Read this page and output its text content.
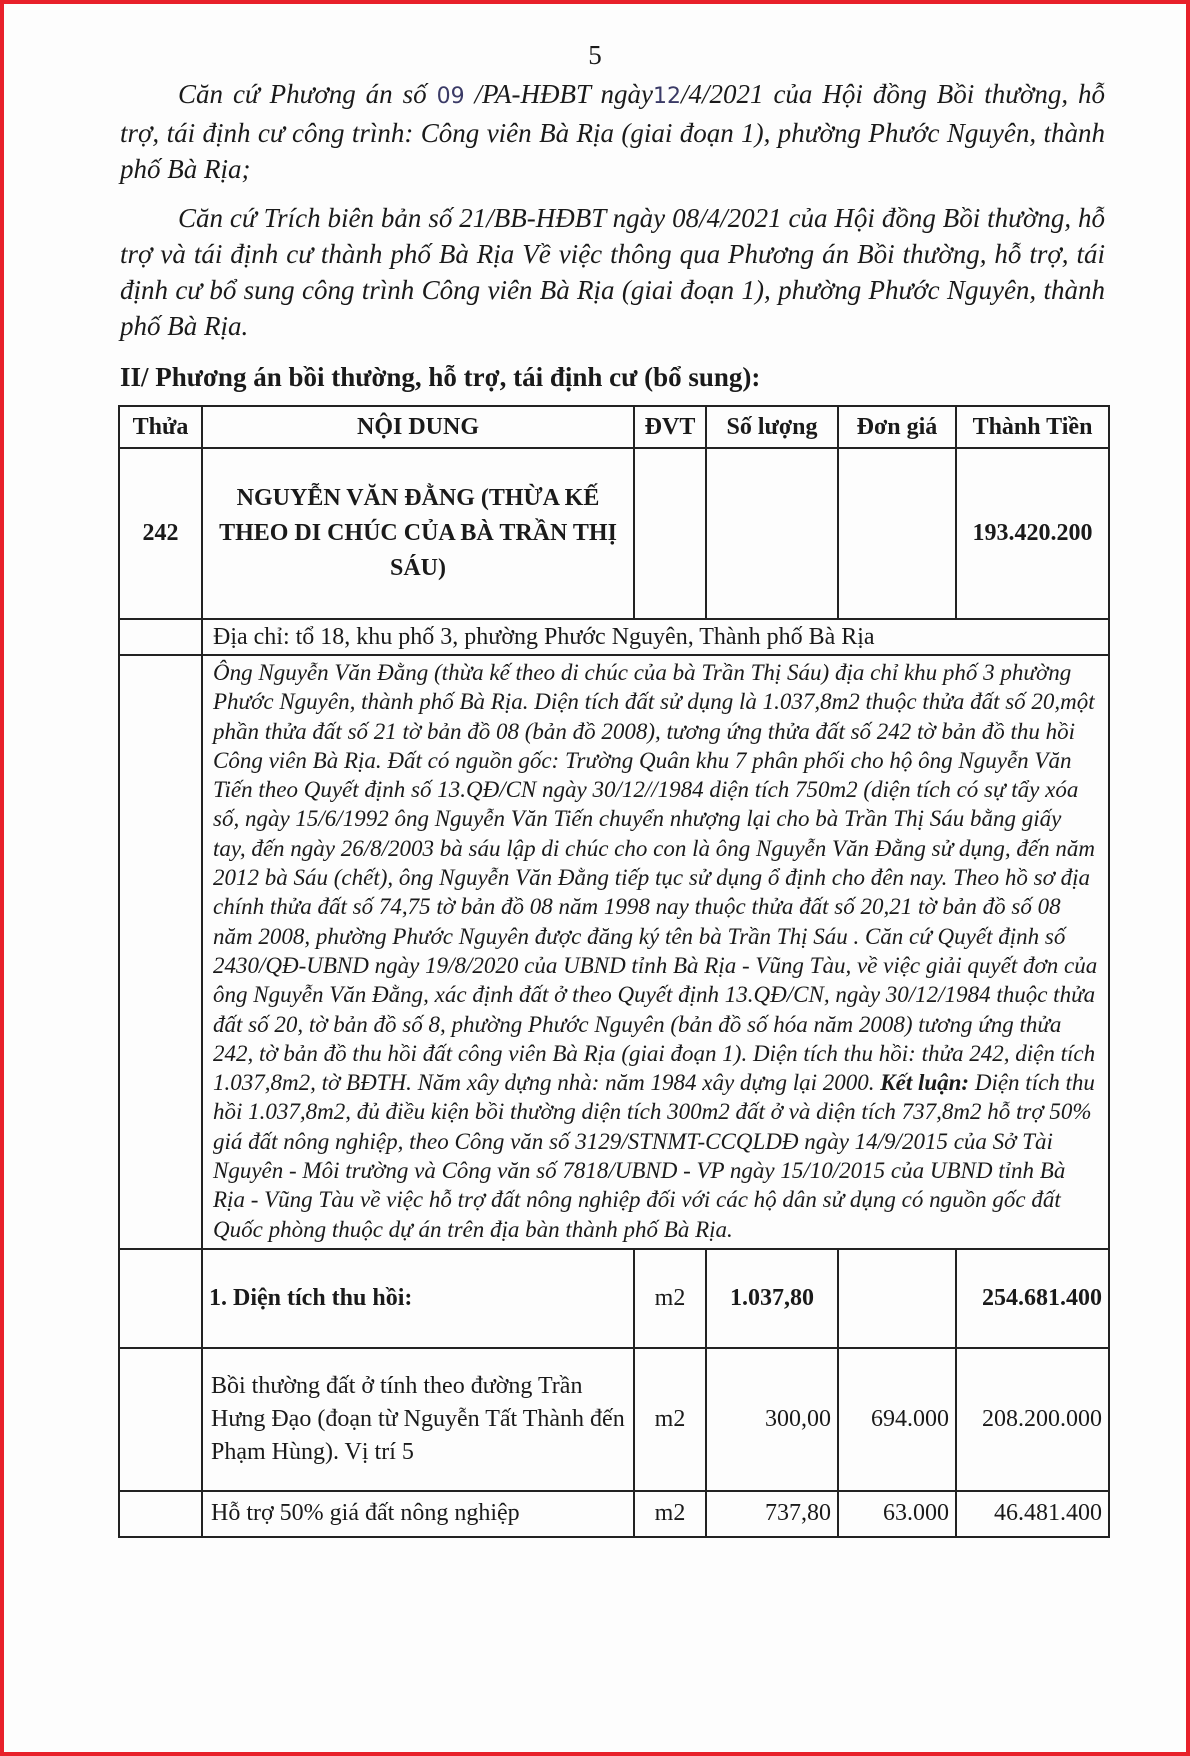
5
Căn cứ Phương án số 09 /PA-HĐBT ngày12/4/2021 của Hội đồng Bồi thường, hỗ trợ, tái định cư công trình: Công viên Bà Rịa (giai đoạn 1), phường Phước Nguyên, thành phố Bà Rịa;
Căn cứ Trích biên bản số 21/BB-HĐBT ngày 08/4/2021 của Hội đồng Bồi thường, hỗ trợ và tái định cư thành phố Bà Rịa Về việc thông qua Phương án Bồi thường, hỗ trợ, tái định cư bổ sung công trình Công viên Bà Rịa (giai đoạn 1), phường Phước Nguyên, thành phố Bà Rịa.
II/ Phương án bồi thường, hỗ trợ, tái định cư (bổ sung):
Thửa	NỘI DUNG	ĐVT	Số lượng	Đơn giá	Thành Tiền
242	NGUYỄN VĂN ĐẰNG (THỪA KẾ THEO DI CHÚC CỦA BÀ TRẦN THỊ SÁU)				193.420.200
	Địa chỉ: tổ 18, khu phố 3, phường Phước Nguyên, Thành phố Bà Rịa				
	Ông Nguyễn Văn Đằng (thừa kế theo di chúc của bà Trần Thị Sáu) địa chỉ khu phố 3 phường Phước Nguyên, thành phố Bà Rịa. Diện tích đất sử dụng là 1.037,8m2 thuộc thửa đất số 20,một phần thửa đất số 21 tờ bản đồ 08 (bản đồ 2008), tương ứng thửa đất số 242 tờ bản đồ thu hồi Công viên Bà Rịa. Đất có nguồn gốc: Trường Quân khu 7 phân phối cho hộ ông Nguyễn Văn Tiến theo Quyết định số 13.QĐ/CN ngày 30/12//1984 diện tích 750m2 (diện tích có sự tẩy xóa số, ngày 15/6/1992 ông Nguyễn Văn Tiến chuyển nhượng lại cho bà Trần Thị Sáu bằng giấy tay, đến ngày 26/8/2003 bà sáu lập di chúc cho con là ông Nguyễn Văn Đằng sử dụng, đến năm 2012 bà Sáu (chết), ông Nguyễn Văn Đằng tiếp tục sử dụng ổ định cho đên nay. Theo hồ sơ địa chính thửa đất số 74,75 tờ bản đồ 08 năm 1998 nay thuộc thửa đất số 20,21 tờ bản đồ số 08 năm 2008, phường Phước Nguyên được đăng ký tên bà Trần Thị Sáu . Căn cứ Quyết định số 2430/QĐ-UBND ngày 19/8/2020 của UBND tỉnh Bà Rịa - Vũng Tàu, về việc giải quyết đơn của ông Nguyễn Văn Đằng, xác định đất ở theo Quyết định 13.QĐ/CN, ngày 30/12/1984 thuộc thửa đất số 20, tờ bản đồ số 8, phường Phước Nguyên (bản đồ số hóa năm 2008) tương ứng thửa 242, tờ bản đồ thu hồi đất công viên Bà Rịa (giai đoạn 1). Diện tích thu hồi: thửa 242, diện tích 1.037,8m2, tờ BĐTH. Năm xây dựng nhà: năm 1984 xây dựng lại 2000. Kết luận: Diện tích thu hồi 1.037,8m2, đủ điều kiện bồi thường diện tích 300m2 đất ở và diện tích 737,8m2 hỗ trợ 50% giá đất nông nghiệp, theo Công văn số 3129/STNMT-CCQLDĐ ngày 14/9/2015 của Sở Tài Nguyên - Môi trường và Công văn số 7818/UBND - VP ngày 15/10/2015 của UBND tỉnh Bà Rịa - Vũng Tàu về việc hỗ trợ đất nông nghiệp đối với các hộ dân sử dụng có nguồn gốc đất Quốc phòng thuộc dự án trên địa bàn thành phố Bà Rịa.				
	1. Diện tích thu hồi:	m2	1.037,80		254.681.400
	Bồi thường đất ở tính theo đường Trần Hưng Đạo (đoạn từ Nguyễn Tất Thành đến Phạm Hùng). Vị trí 5	m2	300,00	694.000	208.200.000
	Hỗ trợ 50% giá đất nông nghiệp	m2	737,80	63.000	46.481.400
